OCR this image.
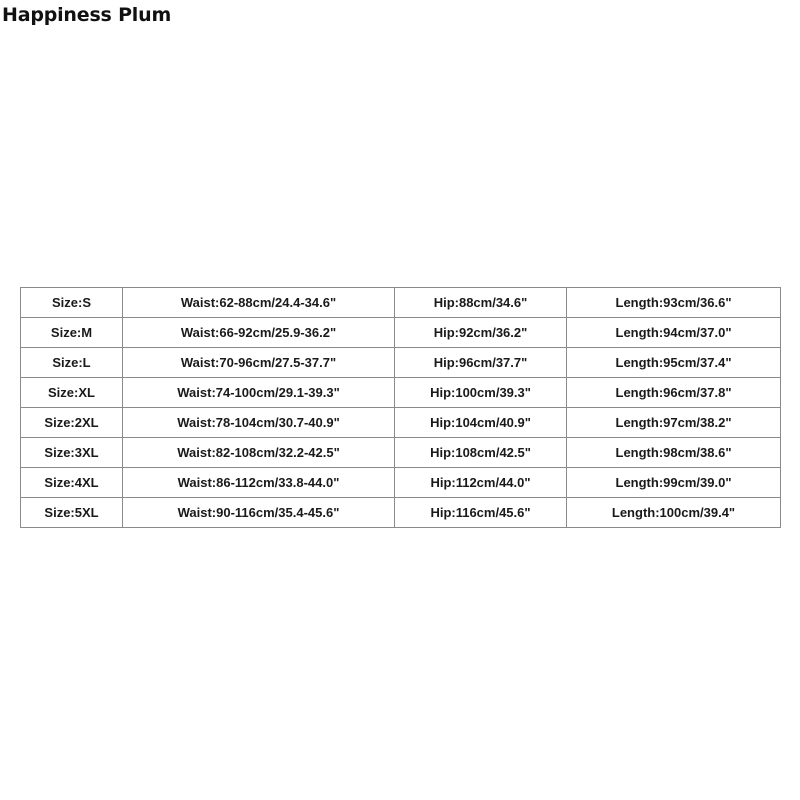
Happiness Plum
Size:S	Waist:62-88cm/24.4-34.6"	Hip:88cm/34.6"	Length:93cm/36.6"
Size:M	Waist:66-92cm/25.9-36.2"	Hip:92cm/36.2"	Length:94cm/37.0"
Size:L	Waist:70-96cm/27.5-37.7"	Hip:96cm/37.7"	Length:95cm/37.4"
Size:XL	Waist:74-100cm/29.1-39.3"	Hip:100cm/39.3"	Length:96cm/37.8"
Size:2XL	Waist:78-104cm/30.7-40.9"	Hip:104cm/40.9"	Length:97cm/38.2"
Size:3XL	Waist:82-108cm/32.2-42.5"	Hip:108cm/42.5"	Length:98cm/38.6"
Size:4XL	Waist:86-112cm/33.8-44.0"	Hip:112cm/44.0"	Length:99cm/39.0"
Size:5XL	Waist:90-116cm/35.4-45.6"	Hip:116cm/45.6"	Length:100cm/39.4"
